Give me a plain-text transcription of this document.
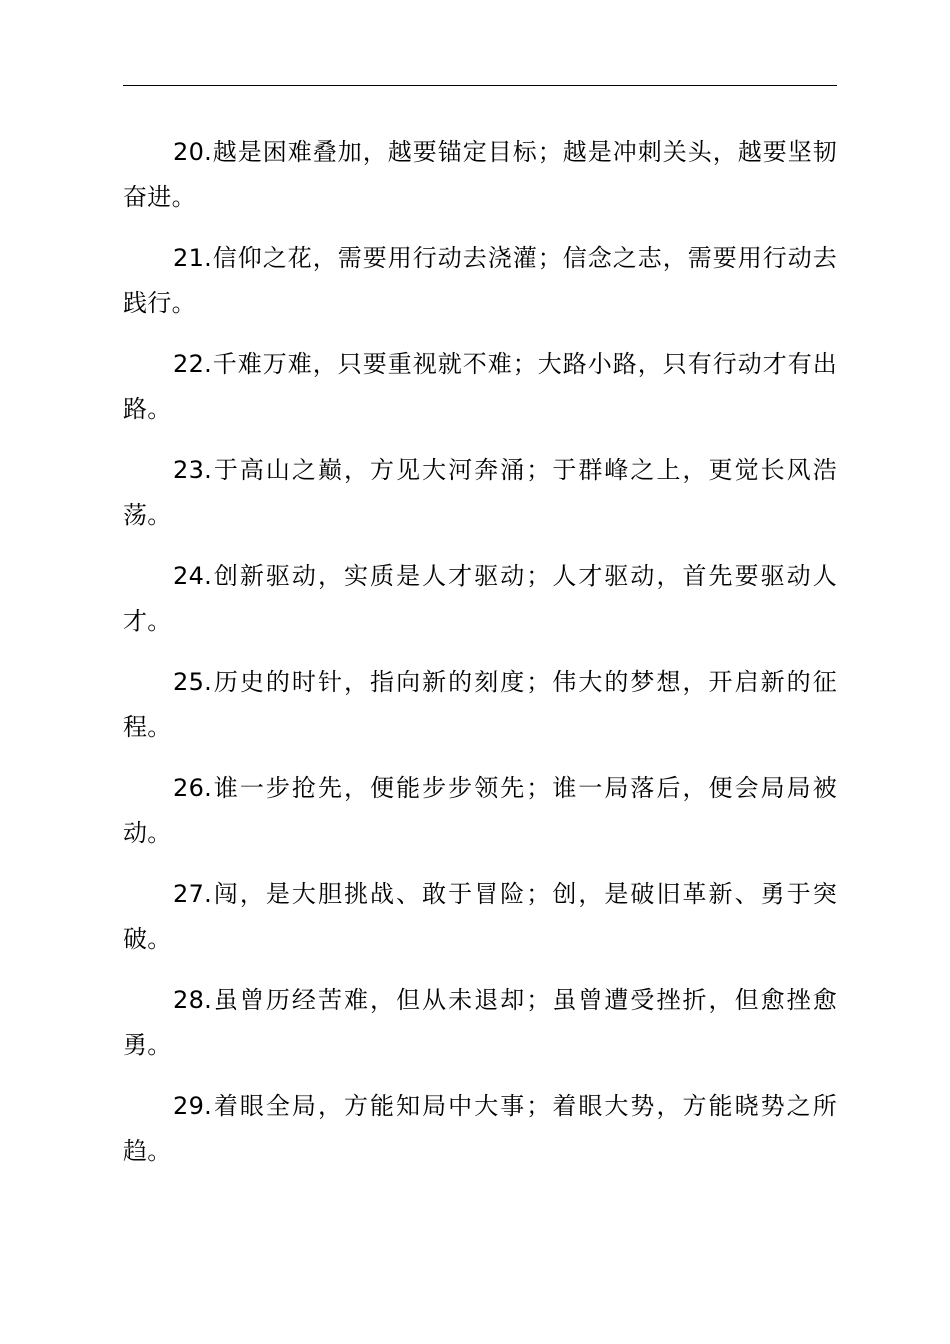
20.越是困难叠加，越要锚定目标；越是冲刺关头，越要坚韧奋进。

21.信仰之花，需要用行动去浇灌；信念之志，需要用行动去践行。

22.千难万难，只要重视就不难；大路小路，只有行动才有出路。

23.于高山之巅，方见大河奔涌；于群峰之上，更觉长风浩荡。

24.创新驱动，实质是人才驱动；人才驱动，首先要驱动人才。

25.历史的时针，指向新的刻度；伟大的梦想，开启新的征程。

26.谁一步抢先，便能步步领先；谁一局落后，便会局局被动。

27.闯，是大胆挑战、敢于冒险；创，是破旧革新、勇于突破。

28.虽曾历经苦难，但从未退却；虽曾遭受挫折，但愈挫愈勇。

29.着眼全局，方能知局中大事；着眼大势，方能晓势之所趋。
